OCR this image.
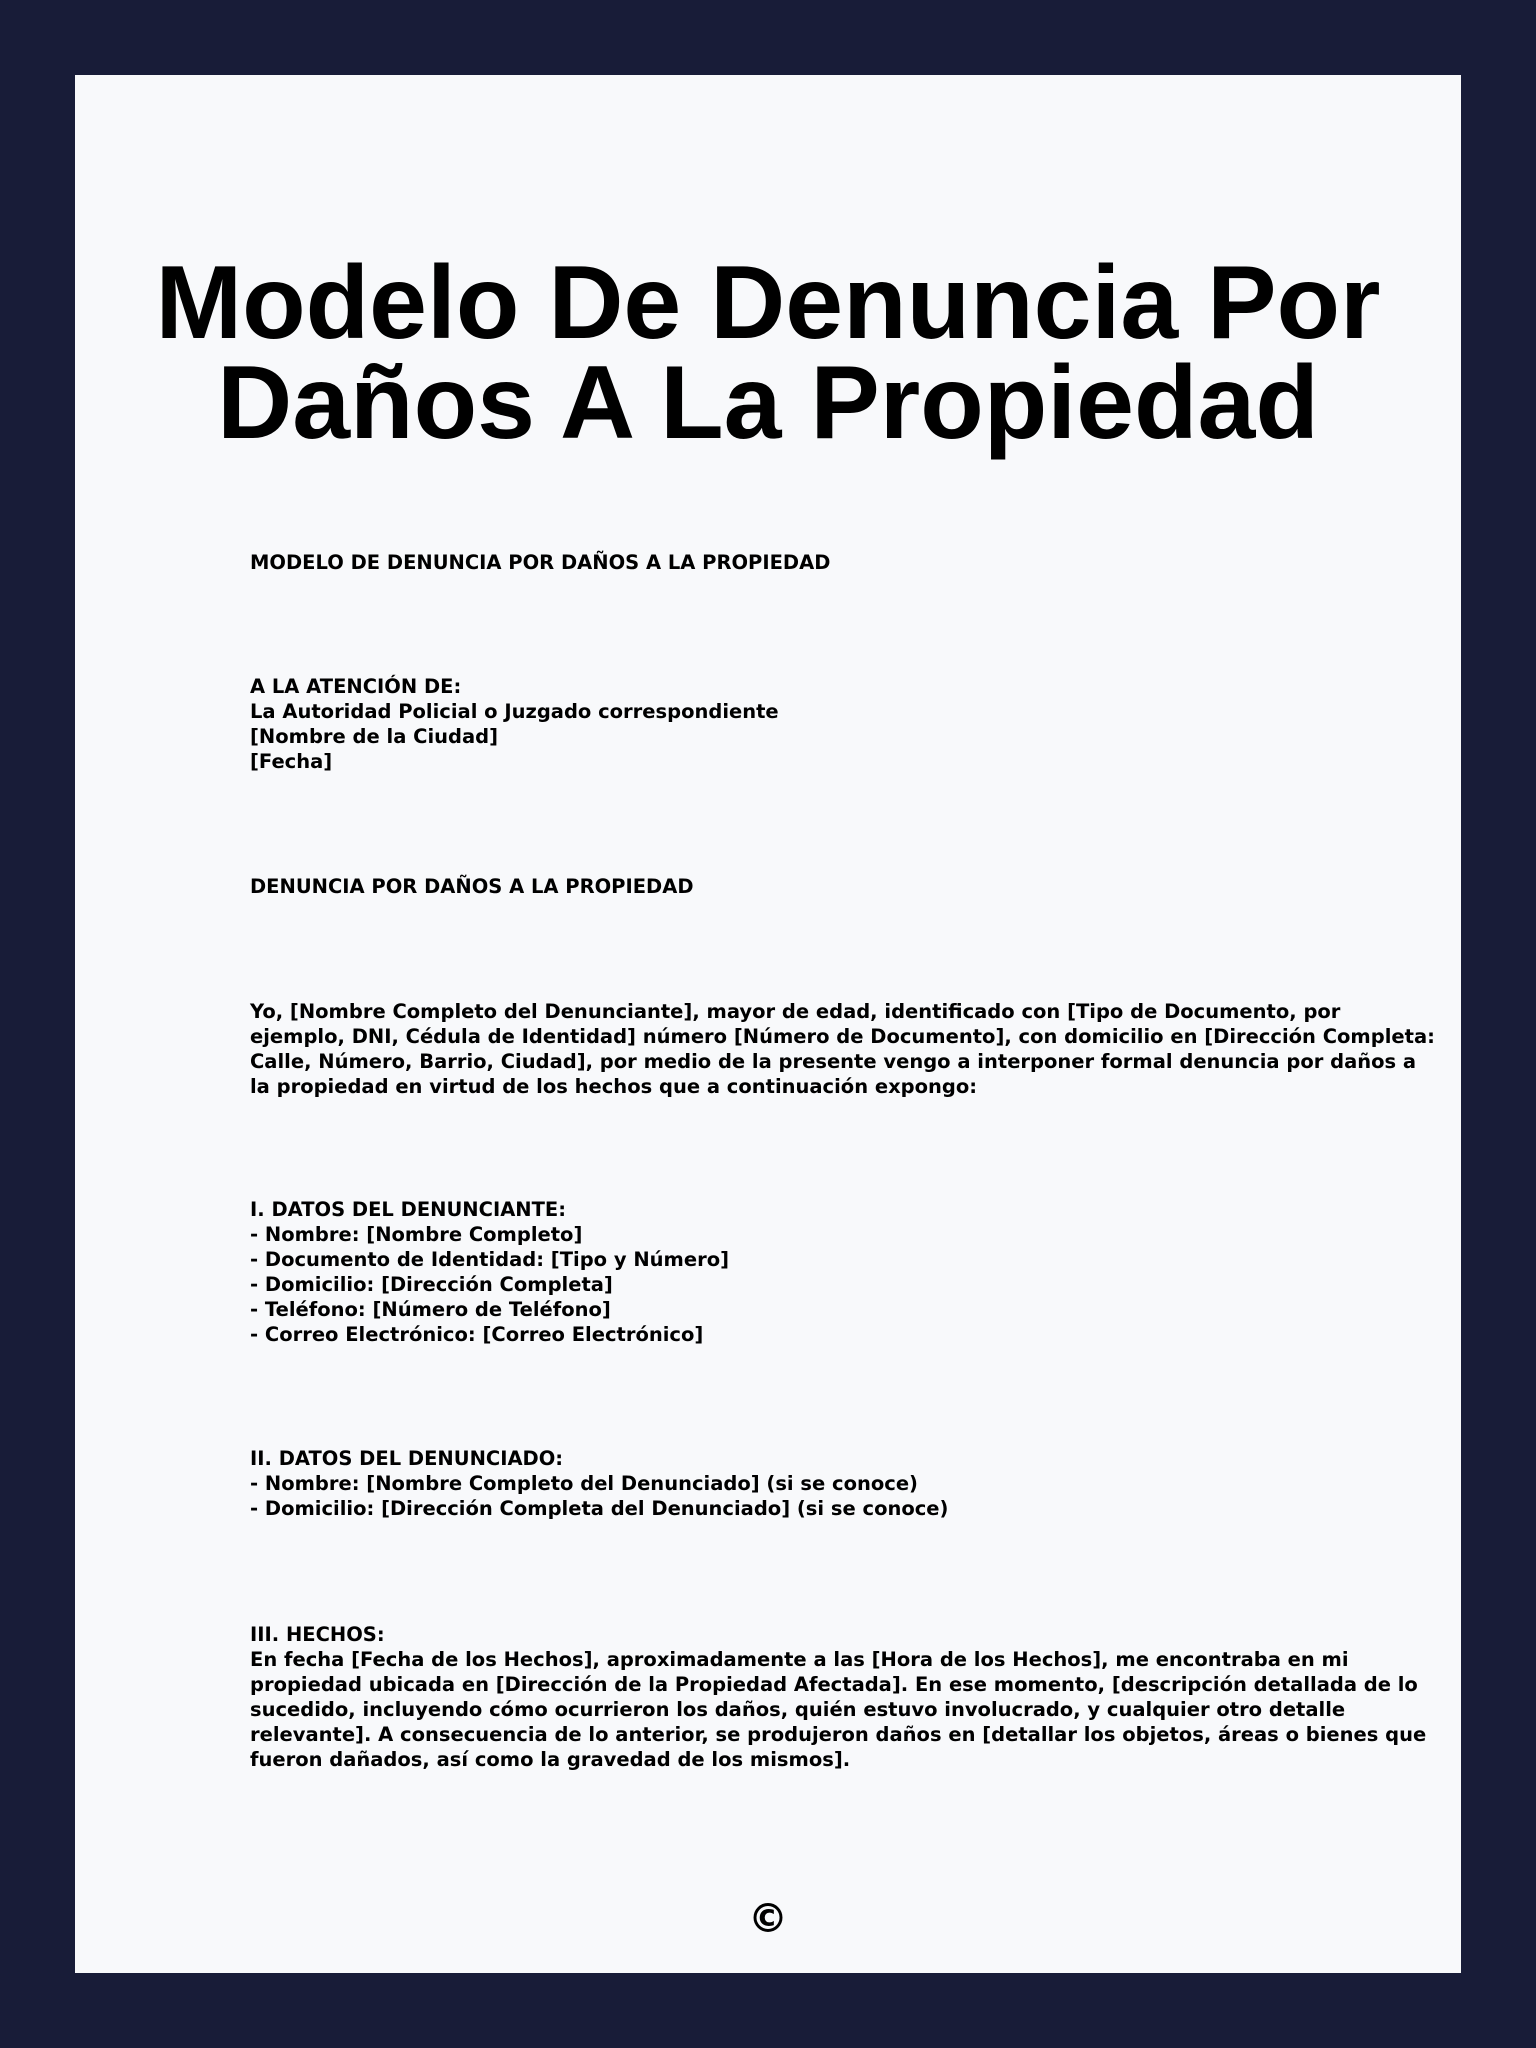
Modelo De Denuncia Por
Daños A La Propiedad

MODELO DE DENUNCIA POR DAÑOS A LA PROPIEDAD

A LA ATENCIÓN DE:
La Autoridad Policial o Juzgado correspondiente
[Nombre de la Ciudad]
[Fecha]

DENUNCIA POR DAÑOS A LA PROPIEDAD

Yo, [Nombre Completo del Denunciante], mayor de edad, identificado con [Tipo de Documento, por
ejemplo, DNI, Cédula de Identidad] número [Número de Documento], con domicilio en [Dirección Completa:
Calle, Número, Barrio, Ciudad], por medio de la presente vengo a interponer formal denuncia por daños a
la propiedad en virtud de los hechos que a continuación expongo:

I. DATOS DEL DENUNCIANTE:
- Nombre: [Nombre Completo]
- Documento de Identidad: [Tipo y Número]
- Domicilio: [Dirección Completa]
- Teléfono: [Número de Teléfono]
- Correo Electrónico: [Correo Electrónico]

II. DATOS DEL DENUNCIADO:
- Nombre: [Nombre Completo del Denunciado] (si se conoce)
- Domicilio: [Dirección Completa del Denunciado] (si se conoce)

III. HECHOS:
En fecha [Fecha de los Hechos], aproximadamente a las [Hora de los Hechos], me encontraba en mi
propiedad ubicada en [Dirección de la Propiedad Afectada]. En ese momento, [descripción detallada de lo
sucedido, incluyendo cómo ocurrieron los daños, quién estuvo involucrado, y cualquier otro detalle
relevante]. A consecuencia de lo anterior, se produjeron daños en [detallar los objetos, áreas o bienes que
fueron dañados, así como la gravedad de los mismos].

©
